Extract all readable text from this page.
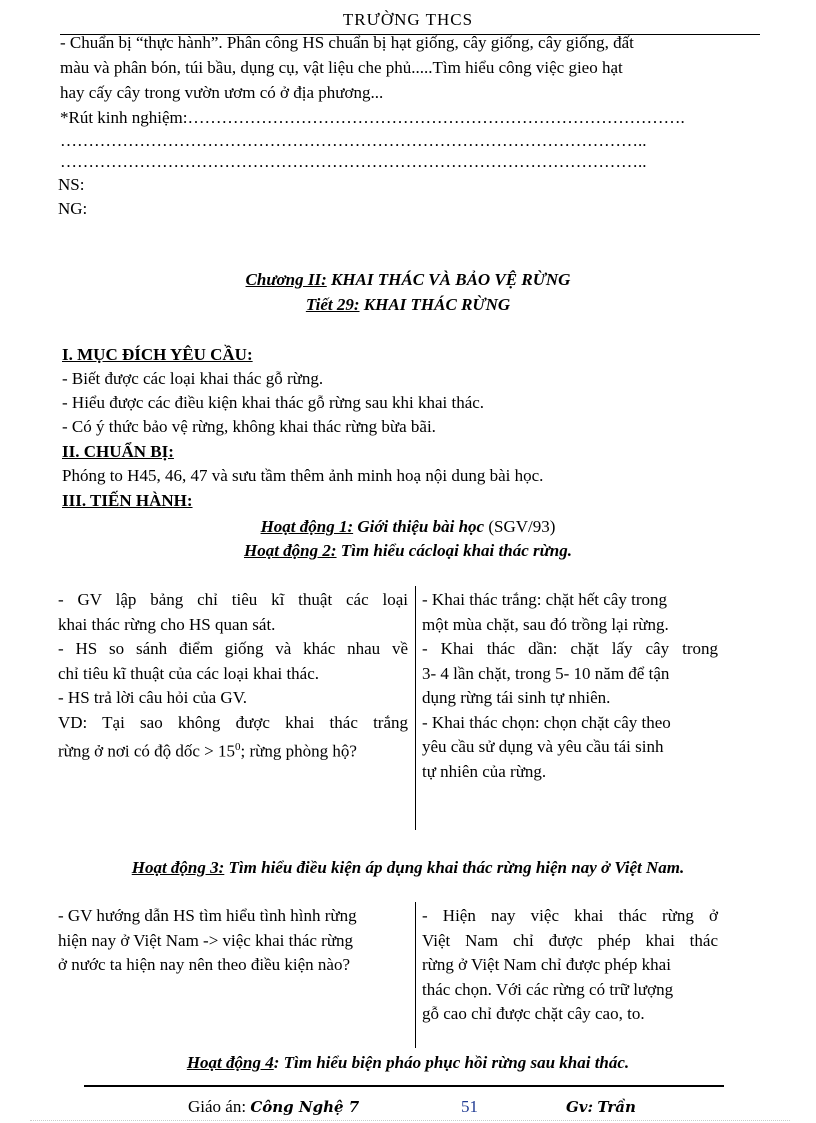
TRƯỜNG THCS
- Chuẩn bị “thực hành”. Phân công HS chuẩn bị hạt giống, cây giống, cây giống, đất
màu và phân bón, túi bầu, dụng cụ, vật liệu che phủ.....Tìm hiểu công việc gieo hạt
hay cấy cây trong vườn ươm có ở địa phương...
*Rút kinh nghiệm:…………………………………………………………………………….
…………………………………………………………………………………………..
…………………………………………………………………………………………..
NS:
NG:
Chương II: KHAI THÁC VÀ BẢO VỆ RỪNG
Tiết 29: KHAI THÁC RỪNG
I. MỤC ĐÍCH YÊU CẦU:
- Biết được các loại khai thác gỗ rừng.
- Hiểu được các điều kiện khai thác gỗ rừng sau khi khai thác.
- Có ý thức bảo vệ rừng, không khai thác rừng bừa bãi.
II. CHUẨN BỊ:
Phóng to H45, 46, 47 và sưu tầm thêm ảnh minh hoạ nội dung bài học.
III. TIẾN HÀNH:
Hoạt động 1: Giới thiệu bài học (SGV/93)
Hoạt động 2: Tìm hiểu cácloại khai thác rừng.
- GV lập bảng chỉ tiêu kĩ thuật các loại
khai thác rừng cho HS quan sát.
- HS so sánh điểm giống và khác nhau về
chỉ tiêu kĩ thuật của các loại khai thác.
- HS trả lời câu hỏi của GV.
VD: Tại sao không được khai thác trắng
rừng ở nơi có độ dốc > $15^0$; rừng phòng hộ?
- Khai thác trắng: chặt hết cây trong
một mùa chặt, sau đó trồng lại rừng.
- Khai thác dần: chặt lấy cây trong
3- 4 lần chặt, trong 5- 10 năm để tận
dụng rừng tái sinh tự nhiên.
- Khai thác chọn: chọn chặt cây theo
yêu cầu sử dụng và yêu cầu tái sinh
tự nhiên của rừng.
Hoạt động 3: Tìm hiểu điều kiện áp dụng khai thác rừng hiện nay ở Việt Nam.
- GV hướng dẫn HS tìm hiểu tình hình rừng
hiện nay ở Việt Nam -> việc khai thác rừng
ở nước ta hiện nay nên theo điều kiện nào?
- Hiện nay việc khai thác rừng ở
Việt Nam chỉ được phép khai thác
rừng ở Việt Nam chỉ được phép khai
thác chọn. Với các rừng có trữ lượng
gỗ cao chỉ được chặt cây cao, to.
Hoạt động 4: Tìm hiểu biện pháo phục hồi rừng sau khai thác.
Giáo án: Công Nghệ 7	51	Gv: Trần
